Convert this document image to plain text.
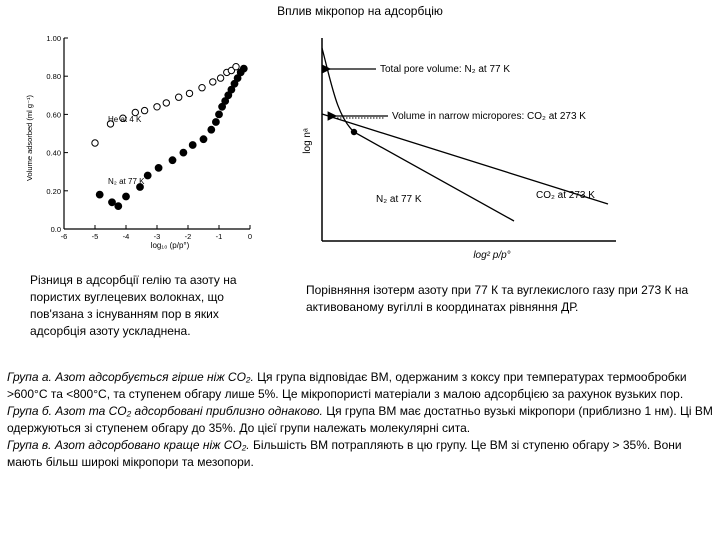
Вплив мікропор на адсорбцію
0.0
0.20
0.40
0.60
0.80
1.00
-6	-5	-4	-3	-2	-1	0
He at 4 K
N₂ at 77 K
Volume adsorbed (ml g⁻¹)
log₁₀ (p/p°)
Total pore volume: N₂ at 77 K
Volume in narrow micropores: CO₂ at 273 K
N₂ at 77 K	CO₂ at 273 K
log nᵃ
log² p/p°
Різниця в адсорбції гелію та азоту на пористих вуглецевих волокнах, що пов'язана з існуванням пор в яких адсорбція азоту ускладнена.
Порівняння ізотерм азоту при 77 К та вуглекислого газу при 273 К на активованому вугіллі в координатах рівняння ДР.

Група а. Азот адсорбується гірше ніж CO₂. Ця група відповідає ВМ, одержаним з коксу при температурах термообробки >600°С та <800°С, та ступенем обгару лише 5%. Це мікропористі матеріали з малою адсорбцією за рахунок вузьких пор.

Група б. Азот та CO₂ адсорбовані приблизно однаково. Ця група ВМ має достатньо вузькі мікропори (приблизно 1 нм). Ці ВМ одержуються зі ступенем обгару до 35%. До цієї групи належать молекулярні сита.

Група в. Азот адсорбовано краще ніж CO₂. Більшість ВМ потрапляють в цю групу. Це ВМ зі ступеню обгару > 35%. Вони мають більш широкі мікропори та мезопори.
